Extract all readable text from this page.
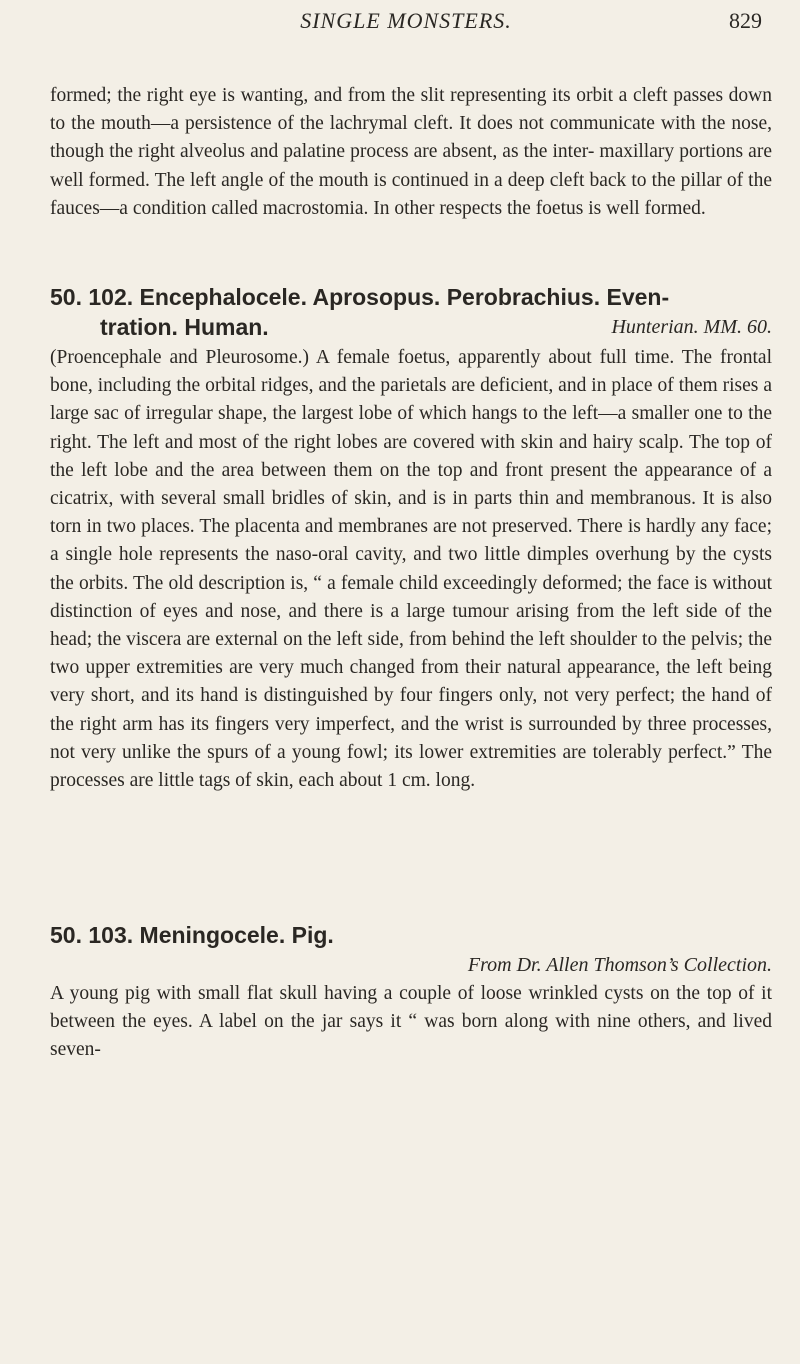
SINGLE MONSTERS.	829
formed; the right eye is wanting, and from the slit representing its orbit a cleft passes down to the mouth—a persistence of the lachrymal cleft. It does not communicate with the nose, though the right alveolus and palatine process are absent, as the inter- maxillary portions are well formed. The left angle of the mouth is continued in a deep cleft back to the pillar of the fauces—a condition called macrostomia. In other respects the foetus is well formed.
50. 102. Encephalocele. Aprosopus. Perobrachius. Even-
tration. Human.	Hunterian. MM. 60.
(Proencephale and Pleurosome.) A female foetus, apparently about full time. The frontal bone, including the orbital ridges, and the parietals are deficient, and in place of them rises a large sac of irregular shape, the largest lobe of which hangs to the left—a smaller one to the right. The left and most of the right lobes are covered with skin and hairy scalp. The top of the left lobe and the area between them on the top and front present the appearance of a cicatrix, with several small bridles of skin, and is in parts thin and membranous. It is also torn in two places. The placenta and membranes are not preserved. There is hardly any face; a single hole represents the naso-oral cavity, and two little dimples overhung by the cysts the orbits. The old description is, “ a female child exceedingly deformed; the face is without distinction of eyes and nose, and there is a large tumour arising from the left side of the head; the viscera are external on the left side, from behind the left shoulder to the pelvis; the two upper extremities are very much changed from their natural appearance, the left being very short, and its hand is distinguished by four fingers only, not very perfect; the hand of the right arm has its fingers very imperfect, and the wrist is surrounded by three processes, not very unlike the spurs of a young fowl; its lower extremities are tolerably perfect.” The processes are little tags of skin, each about 1 cm. long.
50. 103. Meningocele. Pig.
From Dr. Allen Thomson’s Collection.
A young pig with small flat skull having a couple of loose wrinkled cysts on the top of it between the eyes. A label on the jar says it “ was born along with nine others, and lived seven-
